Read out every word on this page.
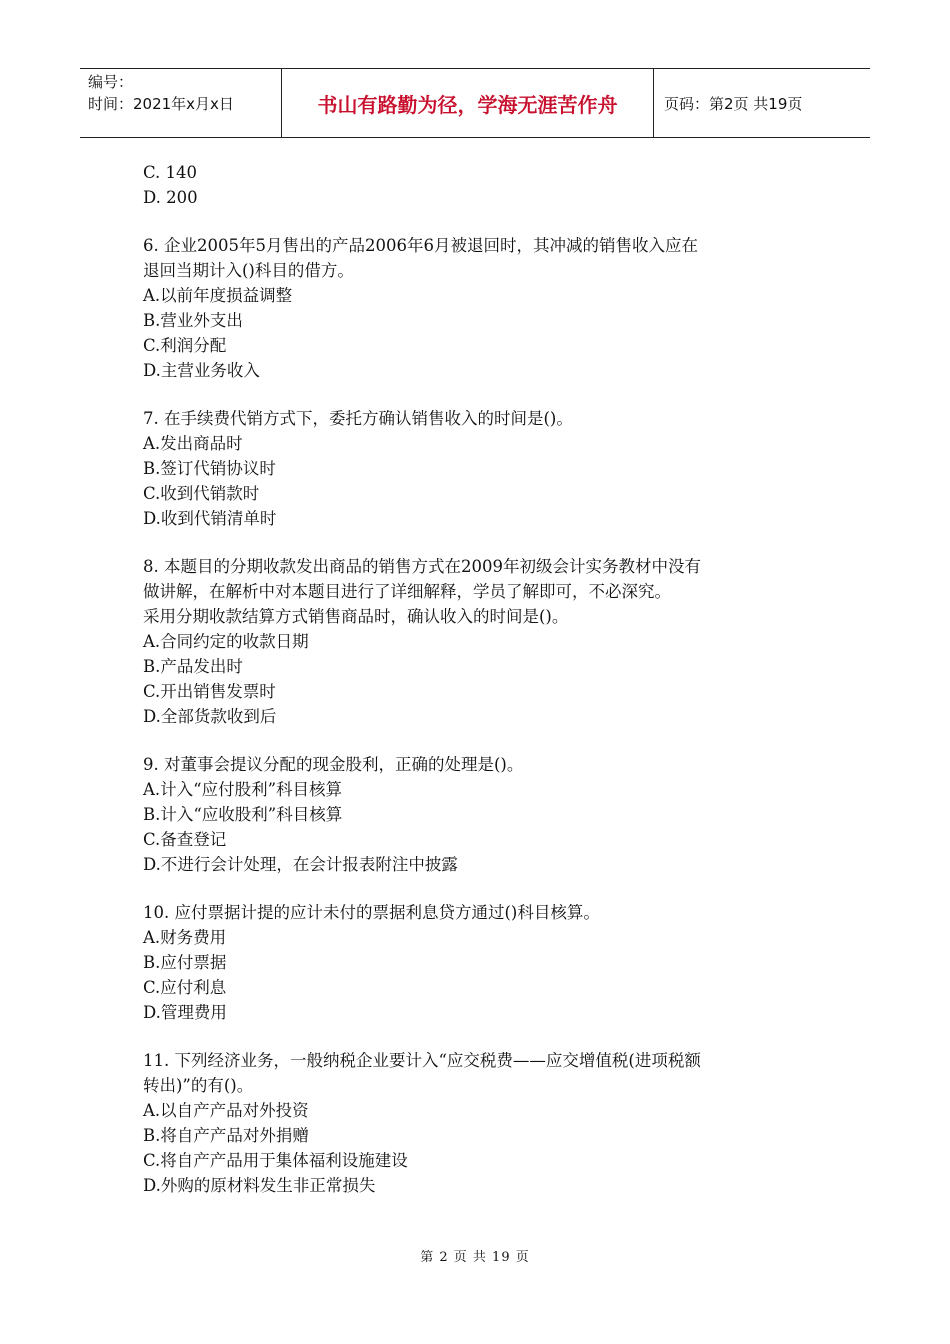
编号：
时间：2021年x月x日	书山有路勤为径，学海无涯苦作舟	页码：第2页 共19页
C. 140
D. 200
6. 企业2005年5月售出的产品2006年6月被退回时，其冲减的销售收入应在
退回当期计入()科目的借方。
A.以前年度损益调整
B.营业外支出
C.利润分配
D.主营业务收入
7. 在手续费代销方式下，委托方确认销售收入的时间是()。
A.发出商品时
B.签订代销协议时
C.收到代销款时
D.收到代销清单时
8. 本题目的分期收款发出商品的销售方式在2009年初级会计实务教材中没有
做讲解，在解析中对本题目进行了详细解释，学员了解即可，不必深究。
采用分期收款结算方式销售商品时，确认收入的时间是()。
A.合同约定的收款日期
B.产品发出时
C.开出销售发票时
D.全部货款收到后
9. 对董事会提议分配的现金股利，正确的处理是()。
A.计入“应付股利”科目核算
B.计入“应收股利”科目核算
C.备查登记
D.不进行会计处理，在会计报表附注中披露
10. 应付票据计提的应计未付的票据利息贷方通过()科目核算。
A.财务费用
B.应付票据
C.应付利息
D.管理费用
11. 下列经济业务，一般纳税企业要计入“应交税费——应交增值税(进项税额
转出)”的有()。
A.以自产产品对外投资
B.将自产产品对外捐赠
C.将自产产品用于集体福利设施建设
D.外购的原材料发生非正常损失
第 2 页 共 19 页
